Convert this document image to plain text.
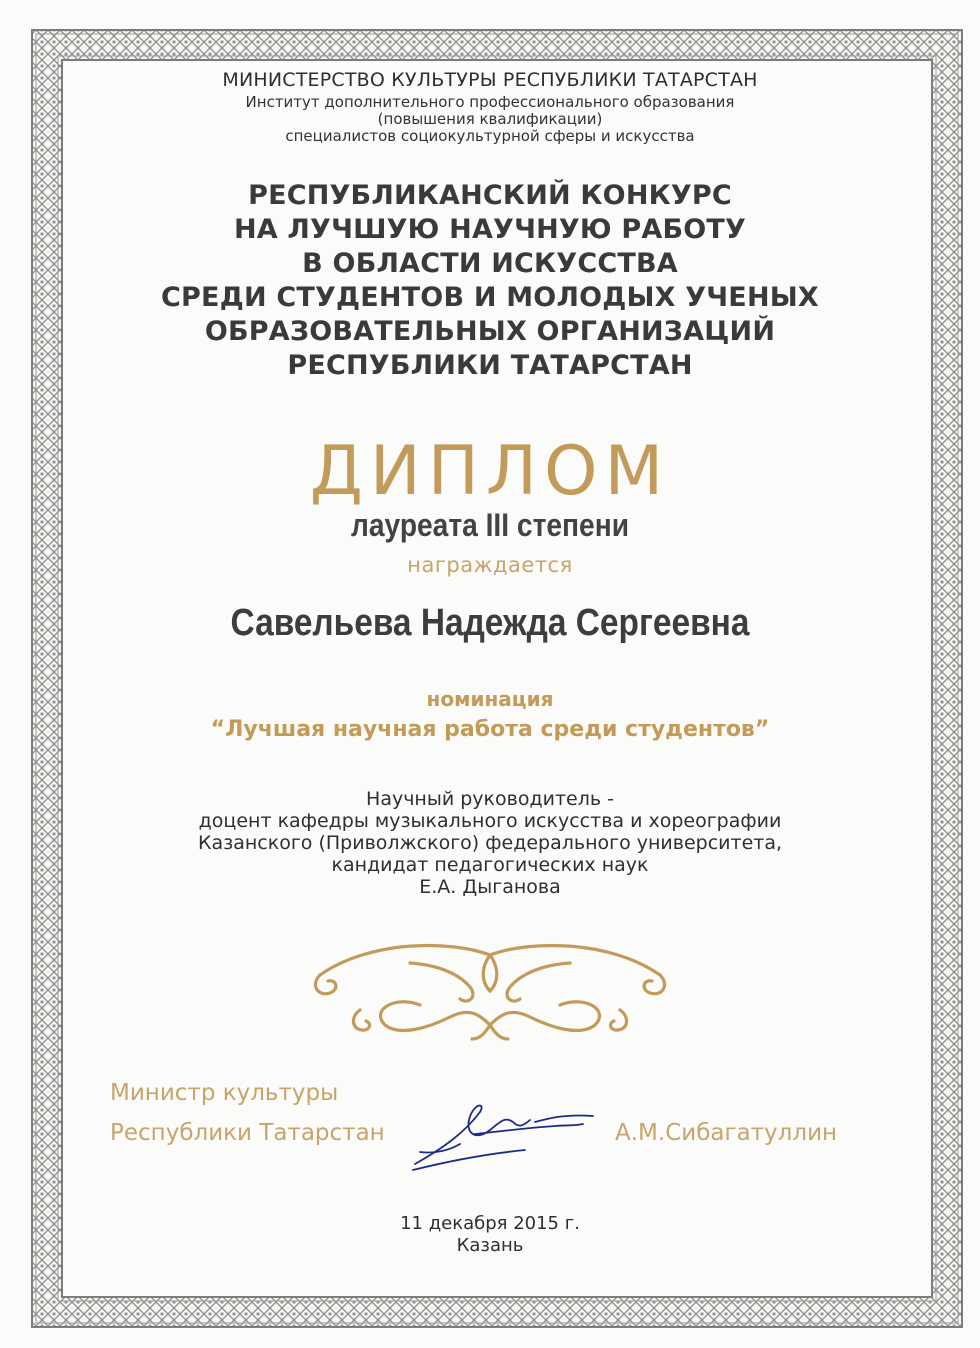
МИНИСТЕРСТВО КУЛЬТУРЫ РЕСПУБЛИКИ ТАТАРСТАН
Институт дополнительного профессионального образования
(повышения квалификации)
специалистов социокультурной сферы и искусства
РЕСПУБЛИКАНСКИЙ КОНКУРС
НА ЛУЧШУЮ НАУЧНУЮ РАБОТУ
В ОБЛАСТИ ИСКУССТВА
СРЕДИ СТУДЕНТОВ И МОЛОДЫХ УЧЕНЫХ
ОБРАЗОВАТЕЛЬНЫХ ОРГАНИЗАЦИЙ
РЕСПУБЛИКИ ТАТАРСТАН
ДИПЛОМ
лауреата III степени
награждается
Савельева Надежда Сергеевна
номинация
“Лучшая научная работа среди студентов”
Научный руководитель -
доцент кафедры музыкального искусства и хореографии
Казанского (Приволжского) федерального университета,
кандидат педагогических наук
Е.А. Дыганова
Министр культуры
Республики Татарстан	А.М.Сибагатуллин
11 декабря 2015 г.
Казань
